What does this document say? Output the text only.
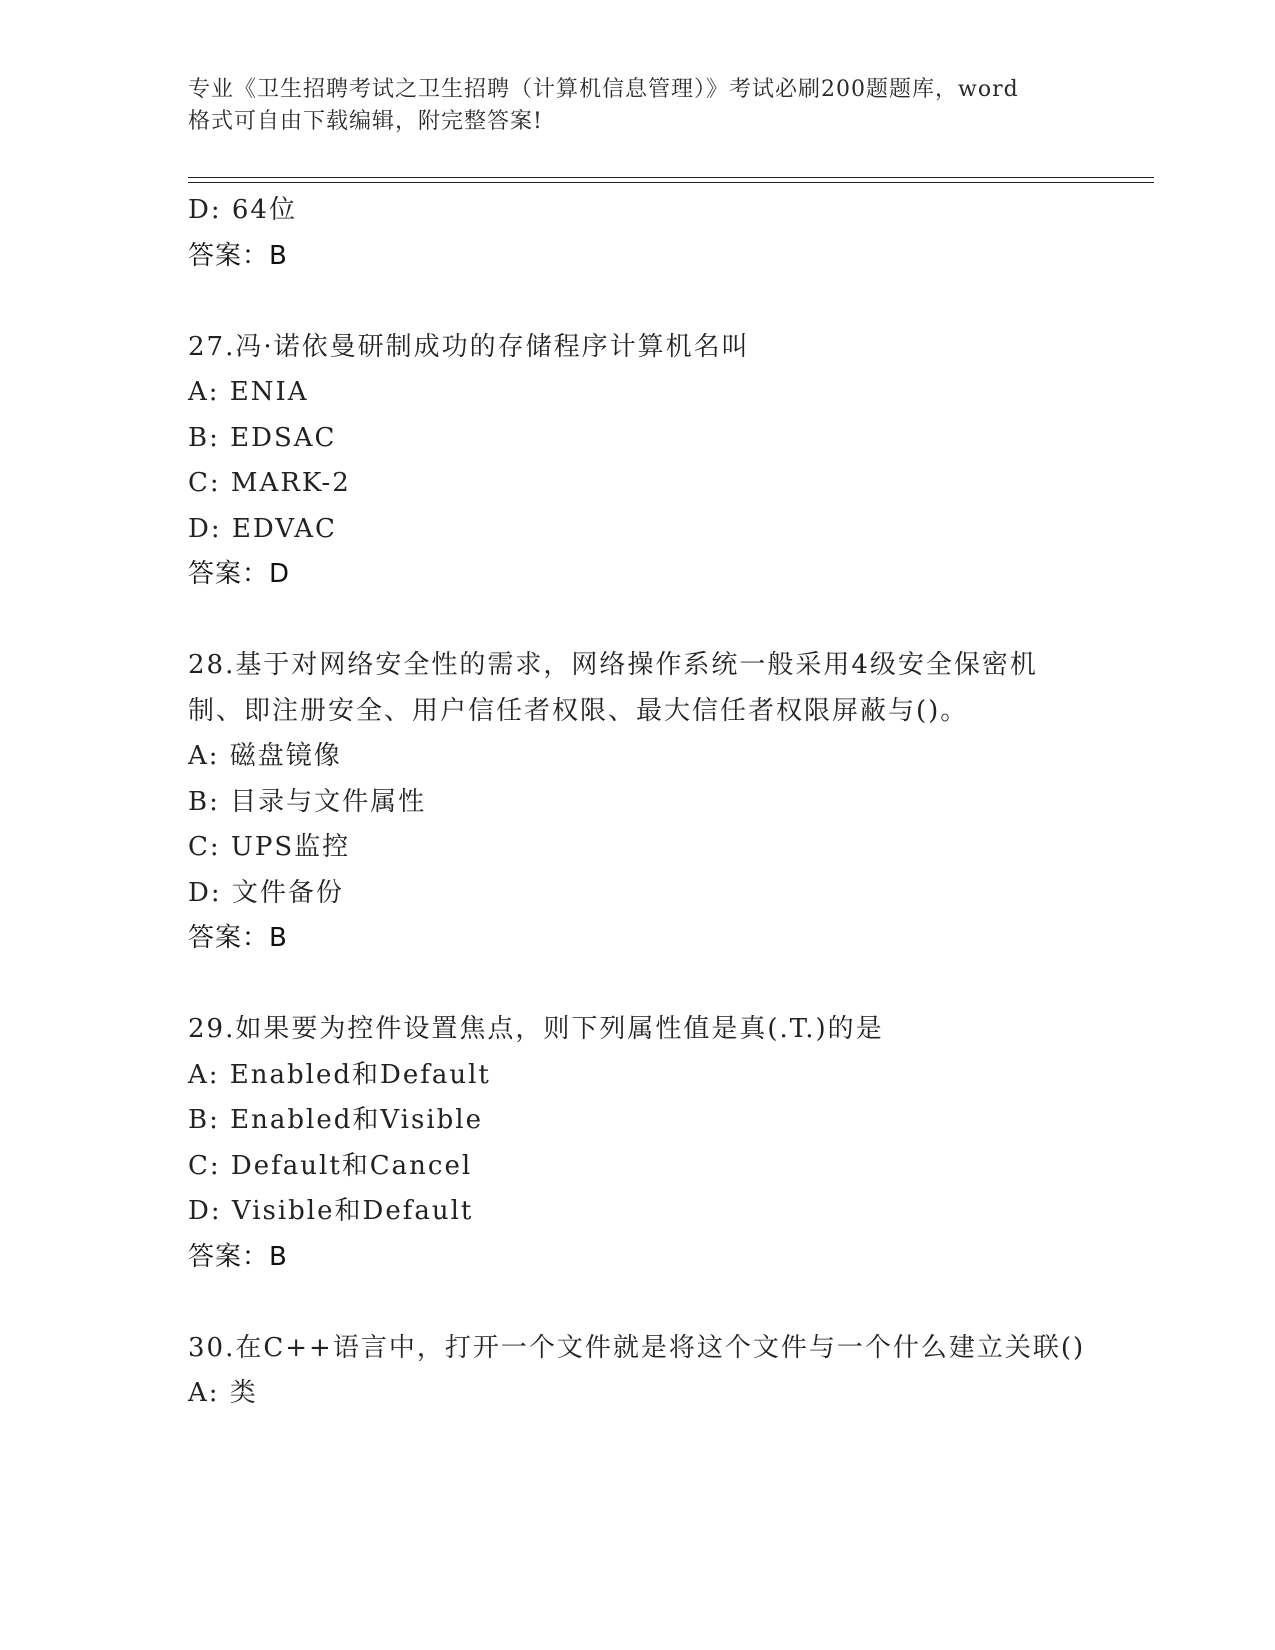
专业《卫生招聘考试之卫生招聘（计算机信息管理）》考试必刷200题题库，word
格式可自由下载编辑，附完整答案!
D: 64位
答案：B
27.冯·诺依曼研制成功的存储程序计算机名叫
A: ENIA
B: EDSAC
C: MARK-2
D: EDVAC
答案：D
28.基于对网络安全性的需求，网络操作系统一般采用4级安全保密机制、即注册安全、用户信任者权限、最大信任者权限屏蔽与()。
A: 磁盘镜像
B: 目录与文件属性
C: UPS监控
D: 文件备份
答案：B
29.如果要为控件设置焦点，则下列属性值是真(.T.)的是
A: Enabled和Default
B: Enabled和Visible
C: Default和Cancel
D: Visible和Default
答案：B
30.在C++语言中，打开一个文件就是将这个文件与一个什么建立关联()
A: 类
